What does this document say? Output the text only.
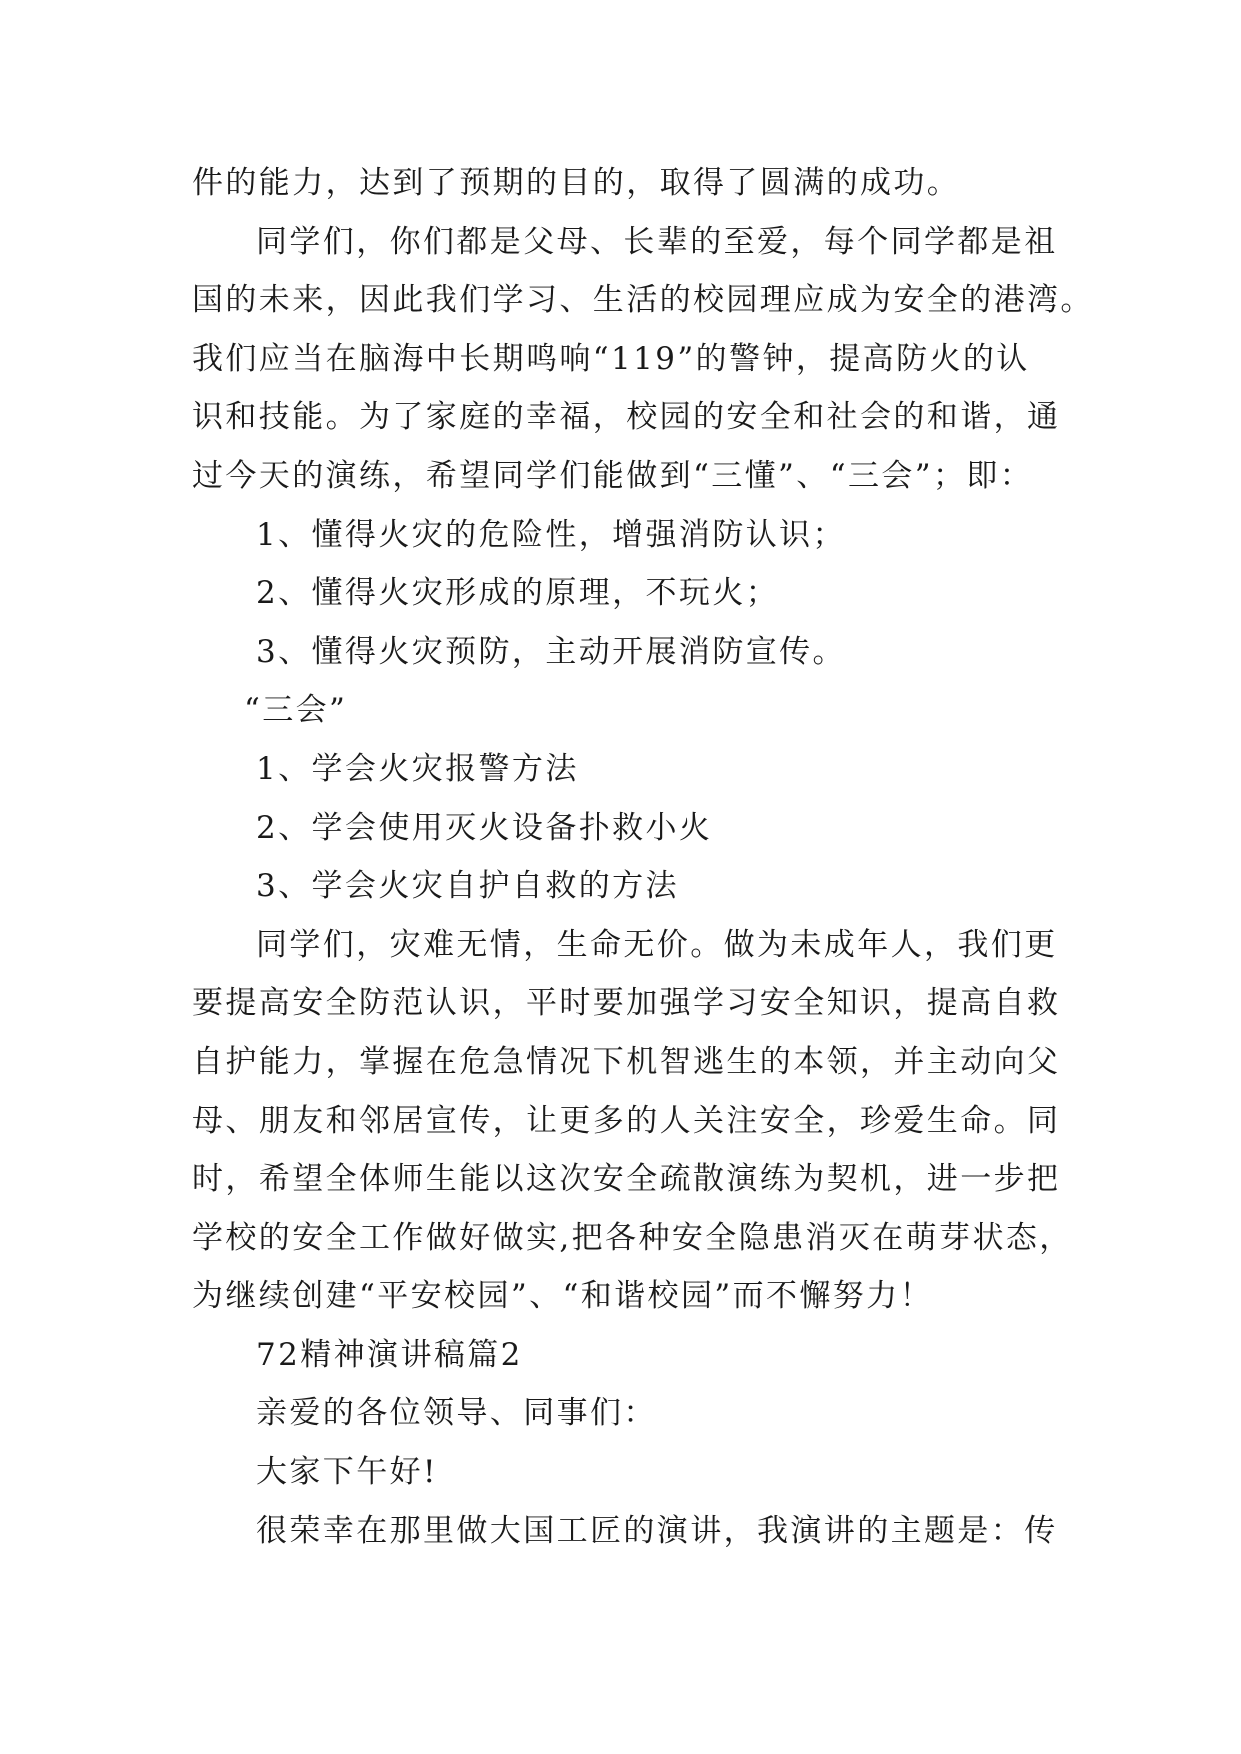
件的能力，达到了预期的目的，取得了圆满的成功。
同学们，你们都是父母、长辈的至爱，每个同学都是祖
国的未来，因此我们学习、生活的校园理应成为安全的港湾。
我们应当在脑海中长期鸣响“119”的警钟，提高防火的认
识和技能。为了家庭的幸福，校园的安全和社会的和谐，通
过今天的演练，希望同学们能做到“三懂”、“三会”；即：
1、懂得火灾的危险性，增强消防认识；
2、懂得火灾形成的原理，不玩火；
3、懂得火灾预防，主动开展消防宣传。
“三会”
1、学会火灾报警方法
2、学会使用灭火设备扑救小火
3、学会火灾自护自救的方法
同学们，灾难无情，生命无价。做为未成年人，我们更
要提高安全防范认识，平时要加强学习安全知识，提高自救
自护能力，掌握在危急情况下机智逃生的本领，并主动向父
母、朋友和邻居宣传，让更多的人关注安全，珍爱生命。同
时，希望全体师生能以这次安全疏散演练为契机，进一步把
学校的安全工作做好做实,把各种安全隐患消灭在萌芽状态，
为继续创建“平安校园”、“和谐校园”而不懈努力！
72精神演讲稿篇2
亲爱的各位领导、同事们：
大家下午好!
很荣幸在那里做大国工匠的演讲，我演讲的主题是：传
